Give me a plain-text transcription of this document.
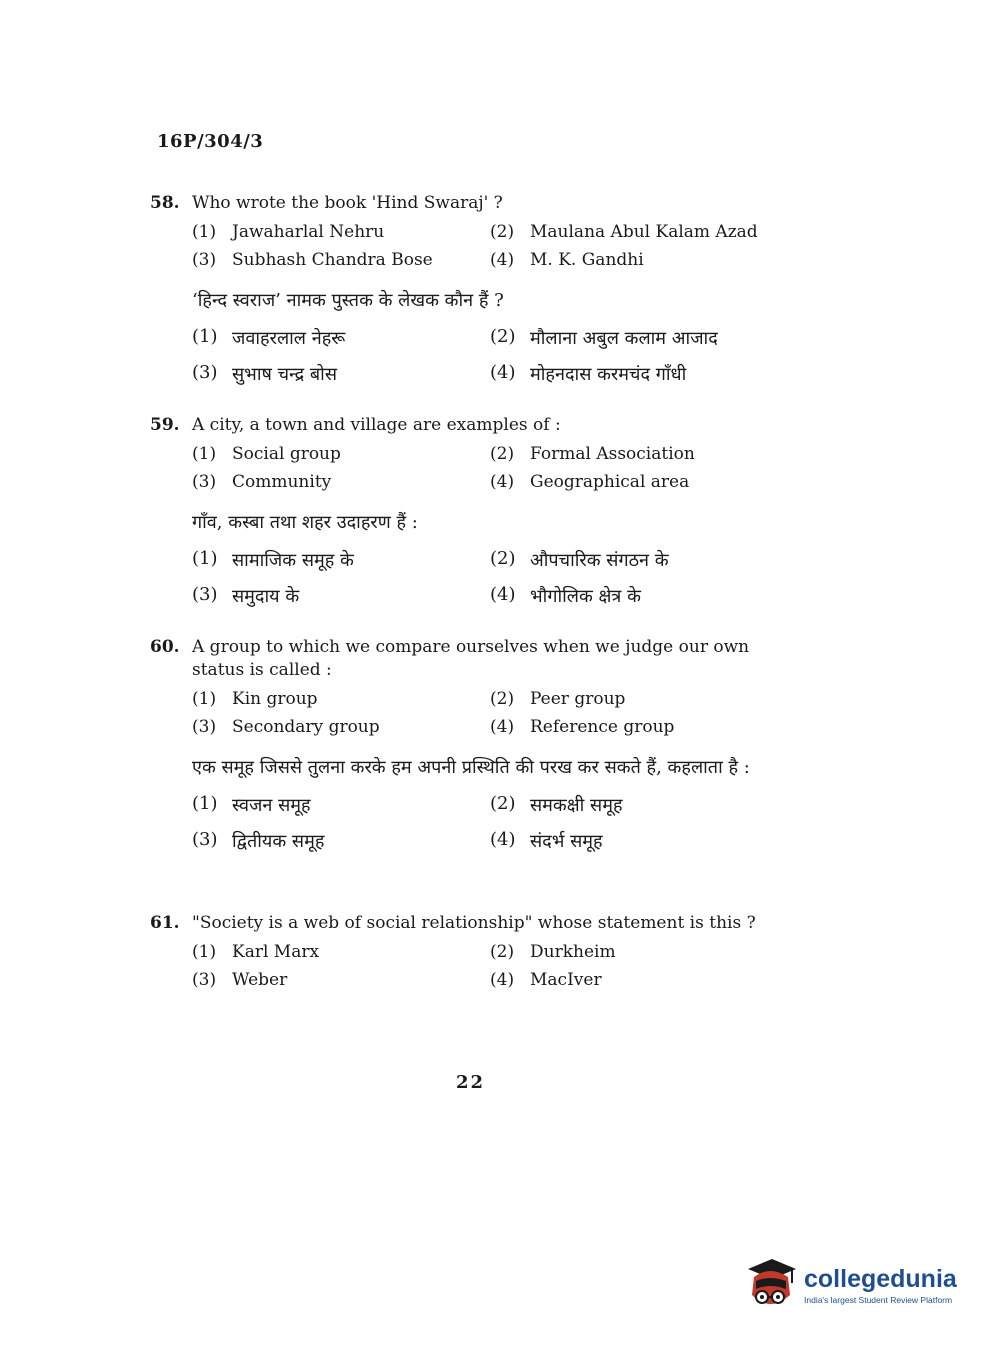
16P/304/3
58. Who wrote the book 'Hind Swaraj' ?
(1) Jawaharlal Nehru	(2) Maulana Abul Kalam Azad
(3) Subhash Chandra Bose	(4) M. K. Gandhi
‘हिन्द स्वराज’ नामक पुस्तक के लेखक कौन हैं ?
(1) जवाहरलाल नेहरू	(2) मौलाना अबुल कलाम आजाद
(3) सुभाष चन्द्र बोस	(4) मोहनदास करमचंद गाँधी
59. A city, a town and village are examples of :
(1) Social group	(2) Formal Association
(3) Community	(4) Geographical area
गाँव, कस्बा तथा शहर उदाहरण हैं :
(1) सामाजिक समूह के	(2) औपचारिक संगठन के
(3) समुदाय के	(4) भौगोलिक क्षेत्र के
60. A group to which we compare ourselves when we judge our own status is called :
(1) Kin group	(2) Peer group
(3) Secondary group	(4) Reference group
एक समूह जिससे तुलना करके हम अपनी प्रस्थिति की परख कर सकते हैं, कहलाता है :
(1) स्वजन समूह	(2) समकक्षी समूह
(3) द्वितीयक समूह	(4) संदर्भ समूह
61. "Society is a web of social relationship" whose statement is this ?
(1) Karl Marx	(2) Durkheim
(3) Weber	(4) MacIver
22
collegedunia
India's largest Student Review Platform
